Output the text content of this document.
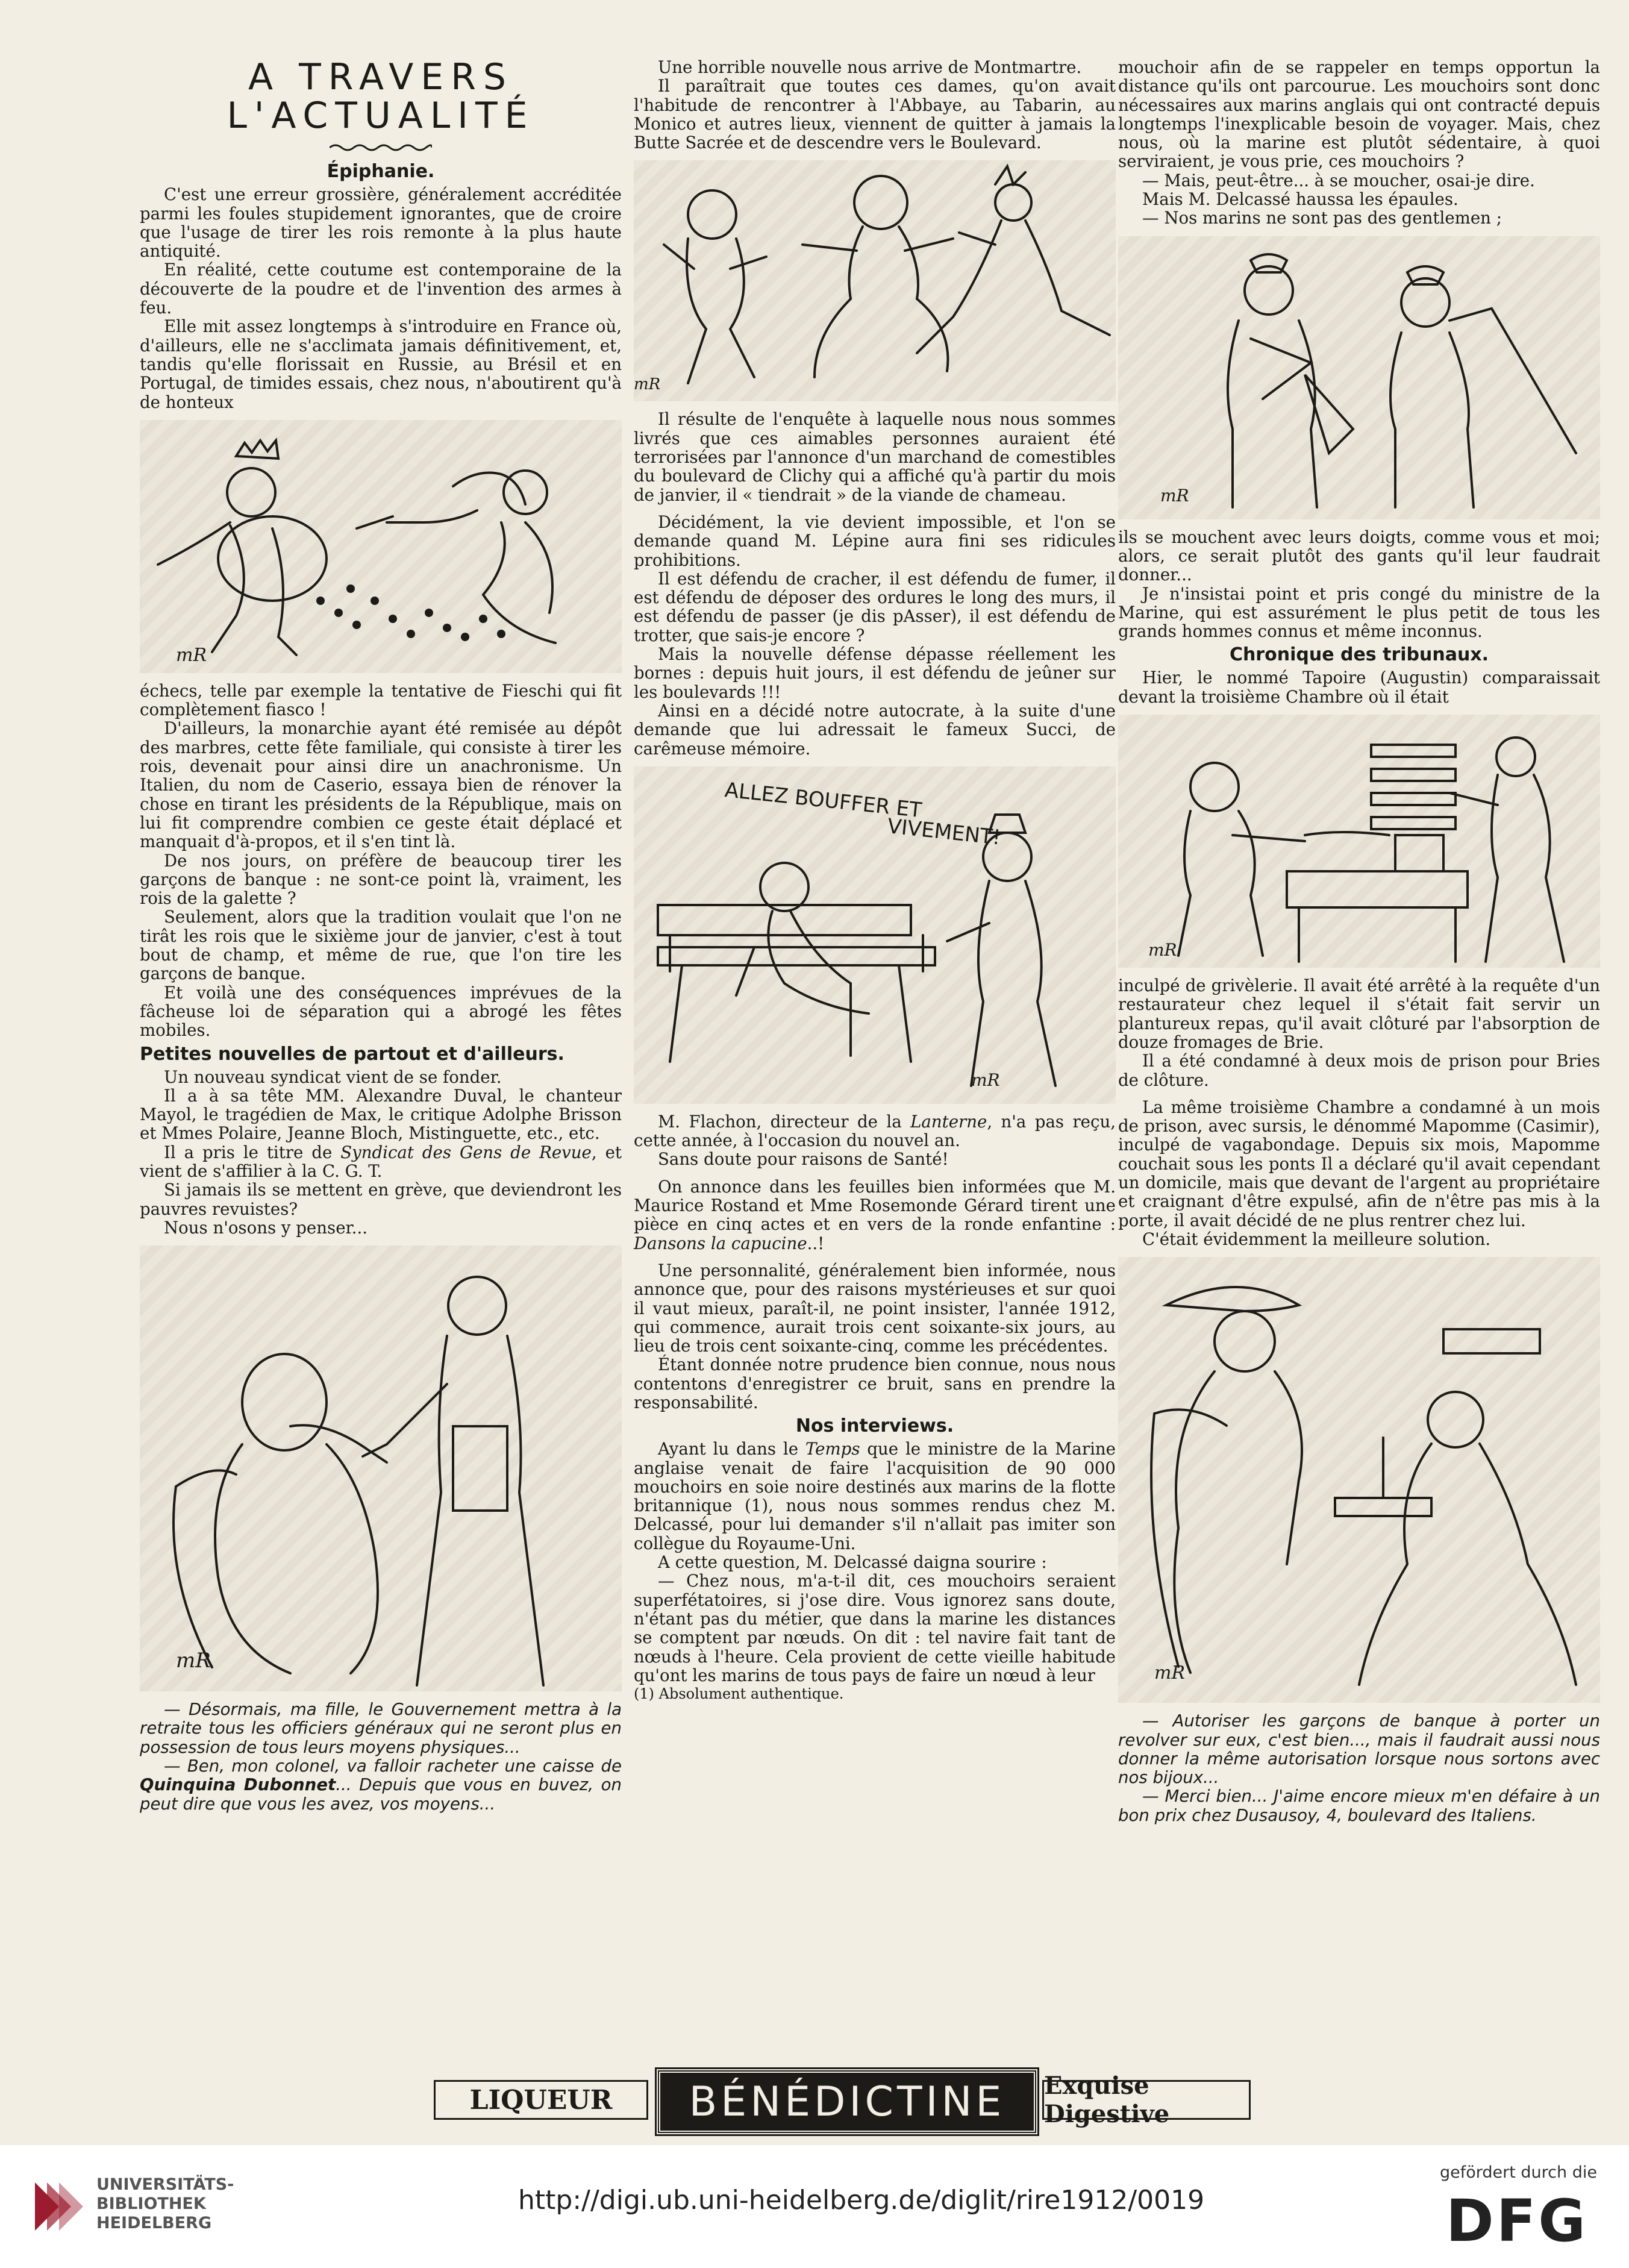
A TRAVERS
L'ACTUALITÉ
Épiphanie.

C'est une erreur grossière, généralement accréditée parmi les foules stupidement ignorantes, que de croire que l'usage de tirer les rois remonte à la plus haute antiquité.

En réalité, cette coutume est contemporaine de la découverte de la poudre et de l'invention des armes à feu.

Elle mit assez longtemps à s'introduire en France où, d'ailleurs, elle ne s'acclimata jamais définitivement, et, tandis qu'elle florissait en Russie, au Brésil et en Portugal, de timides essais, chez nous, n'aboutirent qu'à de honteux

mR

échecs, telle par exemple la tentative de Fieschi qui fit complètement fiasco !

D'ailleurs, la monarchie ayant été remisée au dépôt des marbres, cette fête familiale, qui consiste à tirer les rois, devenait pour ainsi dire un anachronisme. Un Italien, du nom de Caserio, essaya bien de rénover la chose en tirant les présidents de la République, mais on lui fit comprendre combien ce geste était déplacé et manquait d'à-propos, et il s'en tint là.

De nos jours, on préfère de beaucoup tirer les garçons de banque : ne sont-ce point là, vraiment, les rois de la galette ?

Seulement, alors que la tradition voulait que l'on ne tirât les rois que le sixième jour de janvier, c'est à tout bout de champ, et même de rue, que l'on tire les garçons de banque.

Et voilà une des conséquences imprévues de la fâcheuse loi de séparation qui a abrogé les fêtes mobiles.

Petites nouvelles de partout et d'ailleurs.

Un nouveau syndicat vient de se fonder.

Il a à sa tête MM. Alexandre Duval, le chanteur Mayol, le tragédien de Max, le critique Adolphe Brisson et Mmes Polaire, Jeanne Bloch, Mistinguette, etc., etc.

Il a pris le titre de Syndicat des Gens de Revue, et vient de s'affilier à la C. G. T.

Si jamais ils se mettent en grève, que deviendront les pauvres revuistes?

Nous n'osons y penser...

mR

— Désormais, ma fille, le Gouvernement mettra à la retraite tous les officiers généraux qui ne seront plus en possession de tous leurs moyens physiques...

— Ben, mon colonel, va falloir racheter une caisse de Quinquina Dubonnet... Depuis que vous en buvez, on peut dire que vous les avez, vos moyens...

Une horrible nouvelle nous arrive de Montmartre.

Il paraîtrait que toutes ces dames, qu'on avait l'habitude de rencontrer à l'Abbaye, au Tabarin, au Monico et autres lieux, viennent de quitter à jamais la Butte Sacrée et de descendre vers le Boulevard.

mR

Il résulte de l'enquête à laquelle nous nous sommes livrés que ces aimables personnes auraient été terrorisées par l'annonce d'un marchand de comestibles du boulevard de Clichy qui a affiché qu'à partir du mois de janvier, il « tiendrait » de la viande de chameau.

Décidément, la vie devient impossible, et l'on se demande quand M. Lépine aura fini ses ridicules prohibitions.

Il est défendu de cracher, il est défendu de fumer, il est défendu de déposer des ordures le long des murs, il est défendu de passer (je dis pAsser), il est défendu de trotter, que sais-je encore ?

Mais la nouvelle défense dépasse réellement les bornes : depuis huit jours, il est défendu de jeûner sur les boulevards !!!

Ainsi en a décidé notre autocrate, à la suite d'une demande que lui adressait le fameux Succi, de carêmeuse mémoire.

ALLEZ BOUFFER ET
VIVEMENT!
mR

M. Flachon, directeur de la Lanterne, n'a pas reçu, cette année, à l'occasion du nouvel an.

Sans doute pour raisons de Santé!

On annonce dans les feuilles bien informées que M. Maurice Rostand et Mme Rosemonde Gérard tirent une pièce en cinq actes et en vers de la ronde enfantine : Dansons la capucine..!

Une personnalité, généralement bien informée, nous annonce que, pour des raisons mystérieuses et sur quoi il vaut mieux, paraît-il, ne point insister, l'année 1912, qui commence, aurait trois cent soixante-six jours, au lieu de trois cent soixante-cinq, comme les précédentes.

Étant donnée notre prudence bien connue, nous nous contentons d'enregistrer ce bruit, sans en prendre la responsabilité.

Nos interviews.

Ayant lu dans le Temps que le ministre de la Marine anglaise venait de faire l'acquisition de 90 000 mouchoirs en soie noire destinés aux marins de la flotte britannique (1), nous nous sommes rendus chez M. Delcassé, pour lui demander s'il n'allait pas imiter son collègue du Royaume-Uni.

A cette question, M. Delcassé daigna sourire :

— Chez nous, m'a-t-il dit, ces mouchoirs seraient superfétatoires, si j'ose dire. Vous ignorez sans doute, n'étant pas du métier, que dans la marine les distances se comptent par nœuds. On dit : tel navire fait tant de nœuds à l'heure. Cela provient de cette vieille habitude qu'ont les marins de tous pays de faire un nœud à leur

(1) Absolument authentique.

mouchoir afin de se rappeler en temps opportun la distance qu'ils ont parcourue. Les mouchoirs sont donc nécessaires aux marins anglais qui ont contracté depuis longtemps l'inexplicable besoin de voyager. Mais, chez nous, où la marine est plutôt sédentaire, à quoi serviraient, je vous prie, ces mouchoirs ?

— Mais, peut-être... à se moucher, osai-je dire.

Mais M. Delcassé haussa les épaules.

— Nos marins ne sont pas des gentlemen ;

mR

ils se mouchent avec leurs doigts, comme vous et moi; alors, ce serait plutôt des gants qu'il leur faudrait donner...

Je n'insistai point et pris congé du ministre de la Marine, qui est assurément le plus petit de tous les grands hommes connus et même inconnus.

Chronique des tribunaux.

Hier, le nommé Tapoire (Augustin) comparaissait devant la troisième Chambre où il était

mR

inculpé de grivèlerie. Il avait été arrêté à la requête d'un restaurateur chez lequel il s'était fait servir un plantureux repas, qu'il avait clôturé par l'absorption de douze fromages de Brie.

Il a été condamné à deux mois de prison pour Bries de clôture.

La même troisième Chambre a condamné à un mois de prison, avec sursis, le dénommé Mapomme (Casimir), inculpé de vagabondage. Depuis six mois, Mapomme couchait sous les ponts Il a déclaré qu'il avait cependant un domicile, mais que devant de l'argent au propriétaire et craignant d'être expulsé, afin de n'être pas mis à la porte, il avait décidé de ne plus rentrer chez lui.

C'était évidemment la meilleure solution.

mR

— Autoriser les garçons de banque à porter un revolver sur eux, c'est bien..., mais il faudrait aussi nous donner la même autorisation lorsque nous sortons avec nos bijoux...

— Merci bien... J'aime encore mieux m'en défaire à un bon prix chez Dusausoy, 4, boulevard des Italiens.

LIQUEUR	BÉNÉDICTINE	Exquise Digestive
UNIVERSITÄTS-
BIBLIOTHEK
HEIDELBERG
http://digi.ub.uni-heidelberg.de/diglit/rire1912/0019
gefördert durch die
DFG
